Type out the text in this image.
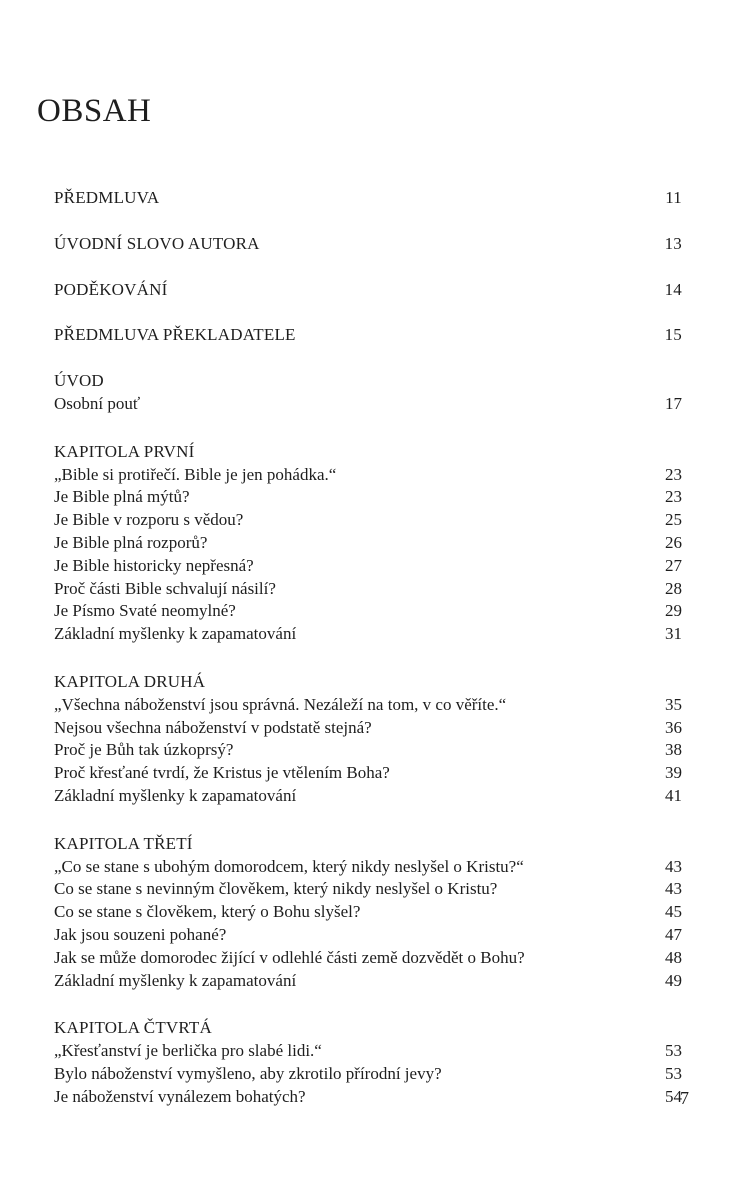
OBSAH
PŘEDMLUVA	11
ÚVODNÍ SLOVO AUTORA	13
PODĚKOVÁNÍ	14
PŘEDMLUVA PŘEKLADATELE	15
ÚVOD
Osobní pouť	17
KAPITOLA PRVNÍ
„Bible si protiřečí. Bible je jen pohádka.“	23
Je Bible plná mýtů?	23
Je Bible v rozporu s vědou?	25
Je Bible plná rozporů?	26
Je Bible historicky nepřesná?	27
Proč části Bible schvalují násilí?	28
Je Písmo Svaté neomylné?	29
Základní myšlenky k zapamatování	31
KAPITOLA DRUHÁ
„Všechna náboženství jsou správná. Nezáleží na tom, v co věříte.“	35
Nejsou všechna náboženství v podstatě stejná?	36
Proč je Bůh tak úzkoprsý?	38
Proč křesťané tvrdí, že Kristus je vtělením Boha?	39
Základní myšlenky k zapamatování	41
KAPITOLA TŘETÍ
„Co se stane s ubohým domorodcem, který nikdy neslyšel o Kristu?“	43
Co se stane s nevinným člověkem, který nikdy neslyšel o Kristu?	43
Co se stane s člověkem, který o Bohu slyšel?	45
Jak jsou souzeni pohané?	47
Jak se může domorodec žijící v odlehlé části země dozvědět o Bohu?	48
Základní myšlenky k zapamatování	49
KAPITOLA ČTVRTÁ
„Křesťanství je berlička pro slabé lidi.“	53
Bylo náboženství vymyšleno, aby zkrotilo přírodní jevy?	53
Je náboženství vynálezem bohatých?	54
7
